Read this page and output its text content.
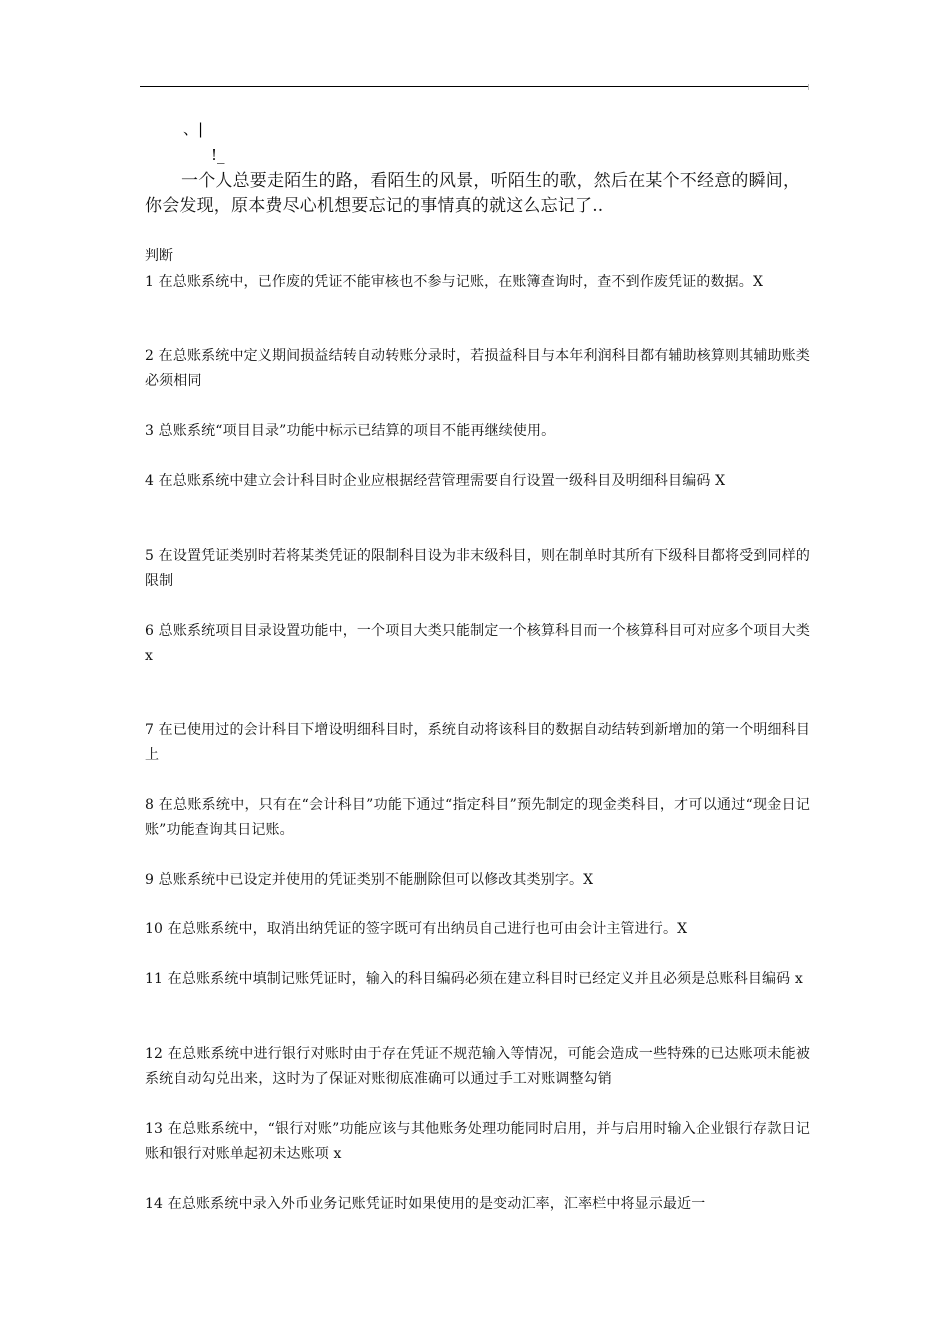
、|
!_
一个人总要走陌生的路，看陌生的风景，听陌生的歌，然后在某个不经意的瞬间，你会发现，原本费尽心机想要忘记的事情真的就这么忘记了..
判断
1 在总账系统中，已作废的凭证不能审核也不参与记账，在账簿查询时，查不到作废凭证的数据。X
2 在总账系统中定义期间损益结转自动转账分录时，若损益科目与本年利润科目都有辅助核算则其辅助账类必须相同
3 总账系统“项目目录”功能中标示已结算的项目不能再继续使用。
4 在总账系统中建立会计科目时企业应根据经营管理需要自行设置一级科目及明细科目编码 X
5 在设置凭证类别时若将某类凭证的限制科目设为非末级科目，则在制单时其所有下级科目都将受到同样的限制
6 总账系统项目目录设置功能中，一个项目大类只能制定一个核算科目而一个核算科目可对应多个项目大类 x
7 在已使用过的会计科目下增设明细科目时，系统自动将该科目的数据自动结转到新增加的第一个明细科目上
8 在总账系统中，只有在“会计科目”功能下通过“指定科目”预先制定的现金类科目，才可以通过“现金日记账”功能查询其日记账。
9 总账系统中已设定并使用的凭证类别不能删除但可以修改其类别字。X
10 在总账系统中，取消出纳凭证的签字既可有出纳员自己进行也可由会计主管进行。X
11 在总账系统中填制记账凭证时，输入的科目编码必须在建立科目时已经定义并且必须是总账科目编码 x
12 在总账系统中进行银行对账时由于存在凭证不规范输入等情况，可能会造成一些特殊的已达账项未能被系统自动勾兑出来，这时为了保证对账彻底准确可以通过手工对账调整勾销
13 在总账系统中，“银行对账”功能应该与其他账务处理功能同时启用，并与启用时输入企业银行存款日记账和银行对账单起初未达账项 x
14 在总账系统中录入外币业务记账凭证时如果使用的是变动汇率，汇率栏中将显示最近一
